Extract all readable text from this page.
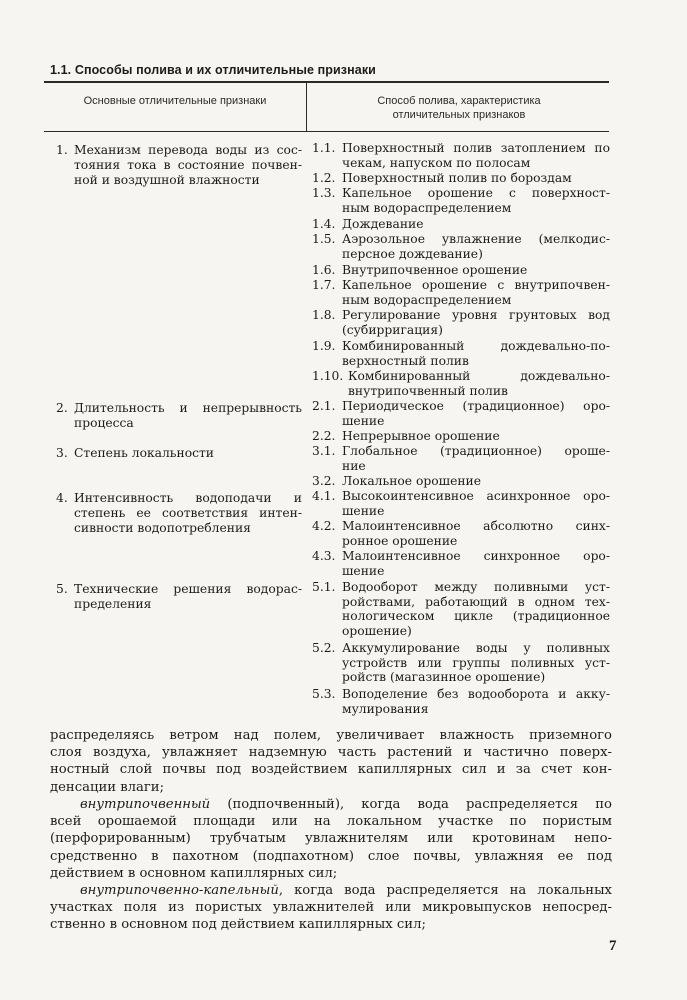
1.1. Способы полива и их отличительные признаки
Основные отличительные признаки	Способ полива, характеристика
отличительных признаков
1. Механизм перевода воды из сос-
тояния тока в состояние почвен-
ной и воздушной влажности
2. Длительность и непрерывность
процесса
3. Степень локальности
4. Интенсивность водоподачи и
степень ее соответствия интен-
сивности водопотребления
5. Технические решения водорас-
пределения
1.1. Поверхностный полив затоплением по
чекам, напуском по полосам
1.2. Поверхностный полив по бороздам
1.3. Капельное орошение с поверхност-
ным водораспределением
1.4. Дождевание
1.5. Аэрозольное увлажнение (мелкодис-
персное дождевание)
1.6. Внутрипочвенное орошение
1.7. Капельное орошение с внутрипочвен-
ным водораспределением
1.8. Регулирование уровня грунтовых вод
(субирригация)
1.9. Комбинированный дождевально-по-
верхностный полив
1.10. Комбинированный дождевально-
внутрипочвенный полив
2.1. Периодическое (традиционное) оро-
шение
2.2. Непрерывное орошение
3.1. Глобальное (традиционное) ороше-
ние
3.2. Локальное орошение
4.1. Высокоинтенсивное асинхронное оро-
шение
4.2. Малоинтенсивное абсолютно синх-
ронное орошение
4.3. Малоинтенсивное синхронное оро-
шение
5.1. Водооборот между поливными уст-
ройствами, работающий в одном тех-
нологическом цикле (традиционное
орошение)
5.2. Аккумулирование воды у поливных
устройств или группы поливных уст-
ройств (магазинное орошение)
5.3. Воподеление без водооборота и акку-
мулирования

распределяясь ветром над полем, увеличивает влажность приземного

слоя воздуха, увлажняет надземную часть растений и частично поверх-

ностный слой почвы под воздействием капиллярных сил и за счет кон-

денсации влаги;

внутрипочвенный (подпочвенный), когда вода распределяется по

всей орошаемой площади или на локальном участке по пористым

(перфорированным) трубчатым увлажнителям или кротовинам непо-

средственно в пахотном (подпахотном) слое почвы, увлажняя ее под

действием в основном капиллярных сил;

внутрипочвенно-капельный, когда вода распределяется на локальных

участках поля из пористых увлажнителей или микровыпусков непосред-

ственно в основном под действием капиллярных сил;

7
